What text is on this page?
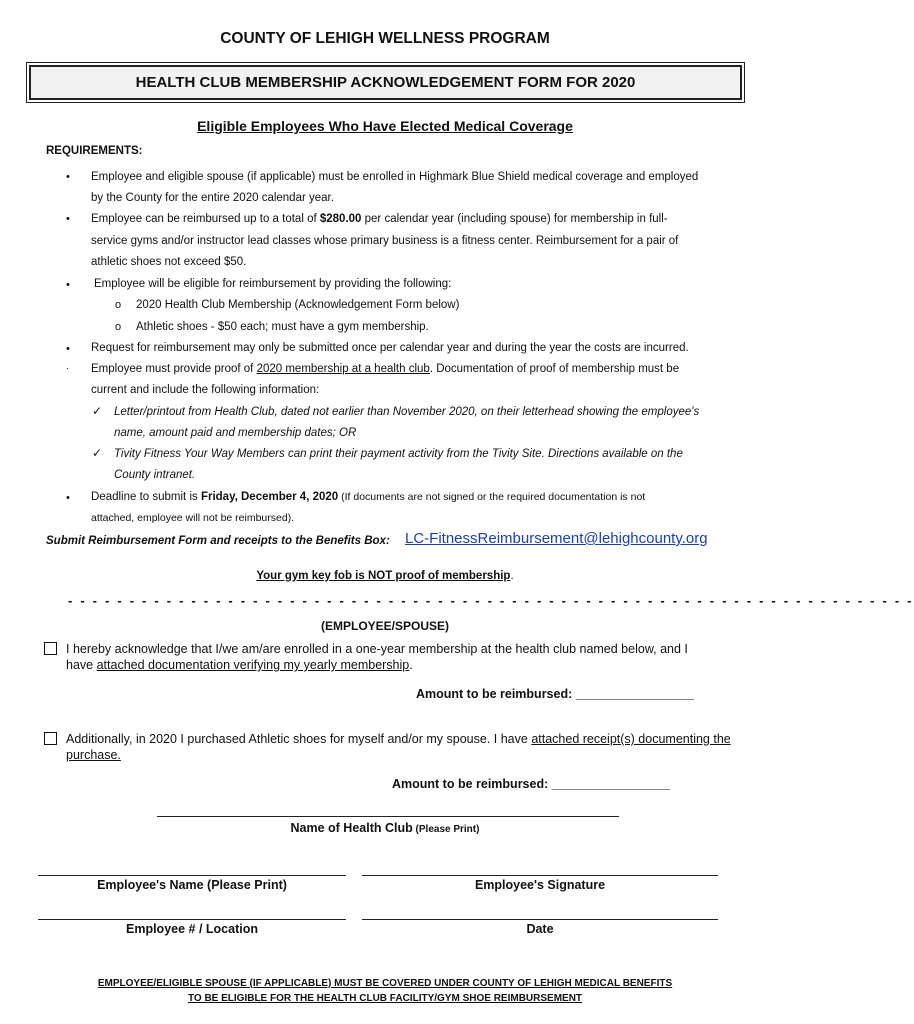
COUNTY OF LEHIGH WELLNESS PROGRAM
HEALTH CLUB MEMBERSHIP ACKNOWLEDGEMENT FORM FOR 2020
Eligible Employees Who Have Elected Medical Coverage
REQUIREMENTS:
•	Employee and eligible spouse (if applicable) must be enrolled in Highmark Blue Shield medical coverage and employed
by the County for the entire 2020 calendar year.
•	Employee can be reimbursed up to a total of $280.00 per calendar year (including spouse) for membership in full-
service gyms and/or instructor lead classes whose primary business is a fitness center. Reimbursement for a pair of
athletic shoes not exceed $50.
•	Employee will be eligible for reimbursement by providing the following:
o 2020 Health Club Membership (Acknowledgement Form below)
o Athletic shoes - $50 each; must have a gym membership.
•	Request for reimbursement may only be submitted once per calendar year and during the year the costs are incurred.
. Employee must provide proof of 2020 membership at a health club. Documentation of proof of membership must be
current and include the following information:
✓ Letter/printout from Health Club, dated not earlier than November 2020, on their letterhead showing the employee's
name, amount paid and membership dates; OR
✓ Tivity Fitness Your Way Members can print their payment activity from the Tivity Site. Directions available on the
County intranet.
•	Deadline to submit is Friday, December 4, 2020 (If documents are not signed or the required documentation is not
attached, employee will not be reimbursed).
Submit Reimbursement Form and receipts to the Benefits Box: LC-FitnessReimbursement@lehighcounty.org
Your gym key fob is NOT proof of membership.
- - - - - - - - - - - - - - - - - - - - - - - - - - - - - - - - - - - - - - - - - - - - - - - - - - - - - - - - - - - - - - - - - - - - -
(EMPLOYEE/SPOUSE)
I hereby acknowledge that I/we am/are enrolled in a one-year membership at the health club named below, and I
have attached documentation verifying my yearly membership.
Amount to be reimbursed: _________________
Additionally, in 2020 I purchased Athletic shoes for myself and/or my spouse. I have attached receipt(s) documenting the
purchase.
Amount to be reimbursed: _________________
Name of Health Club (Please Print)
Employee's Name (Please Print)	Employee's Signature
Employee # / Location	Date
EMPLOYEE/ELIGIBLE SPOUSE (IF APPLICABLE) MUST BE COVERED UNDER COUNTY OF LEHIGH MEDICAL BENEFITS
TO BE ELIGIBLE FOR THE HEALTH CLUB FACILITY/GYM SHOE REIMBURSEMENT
